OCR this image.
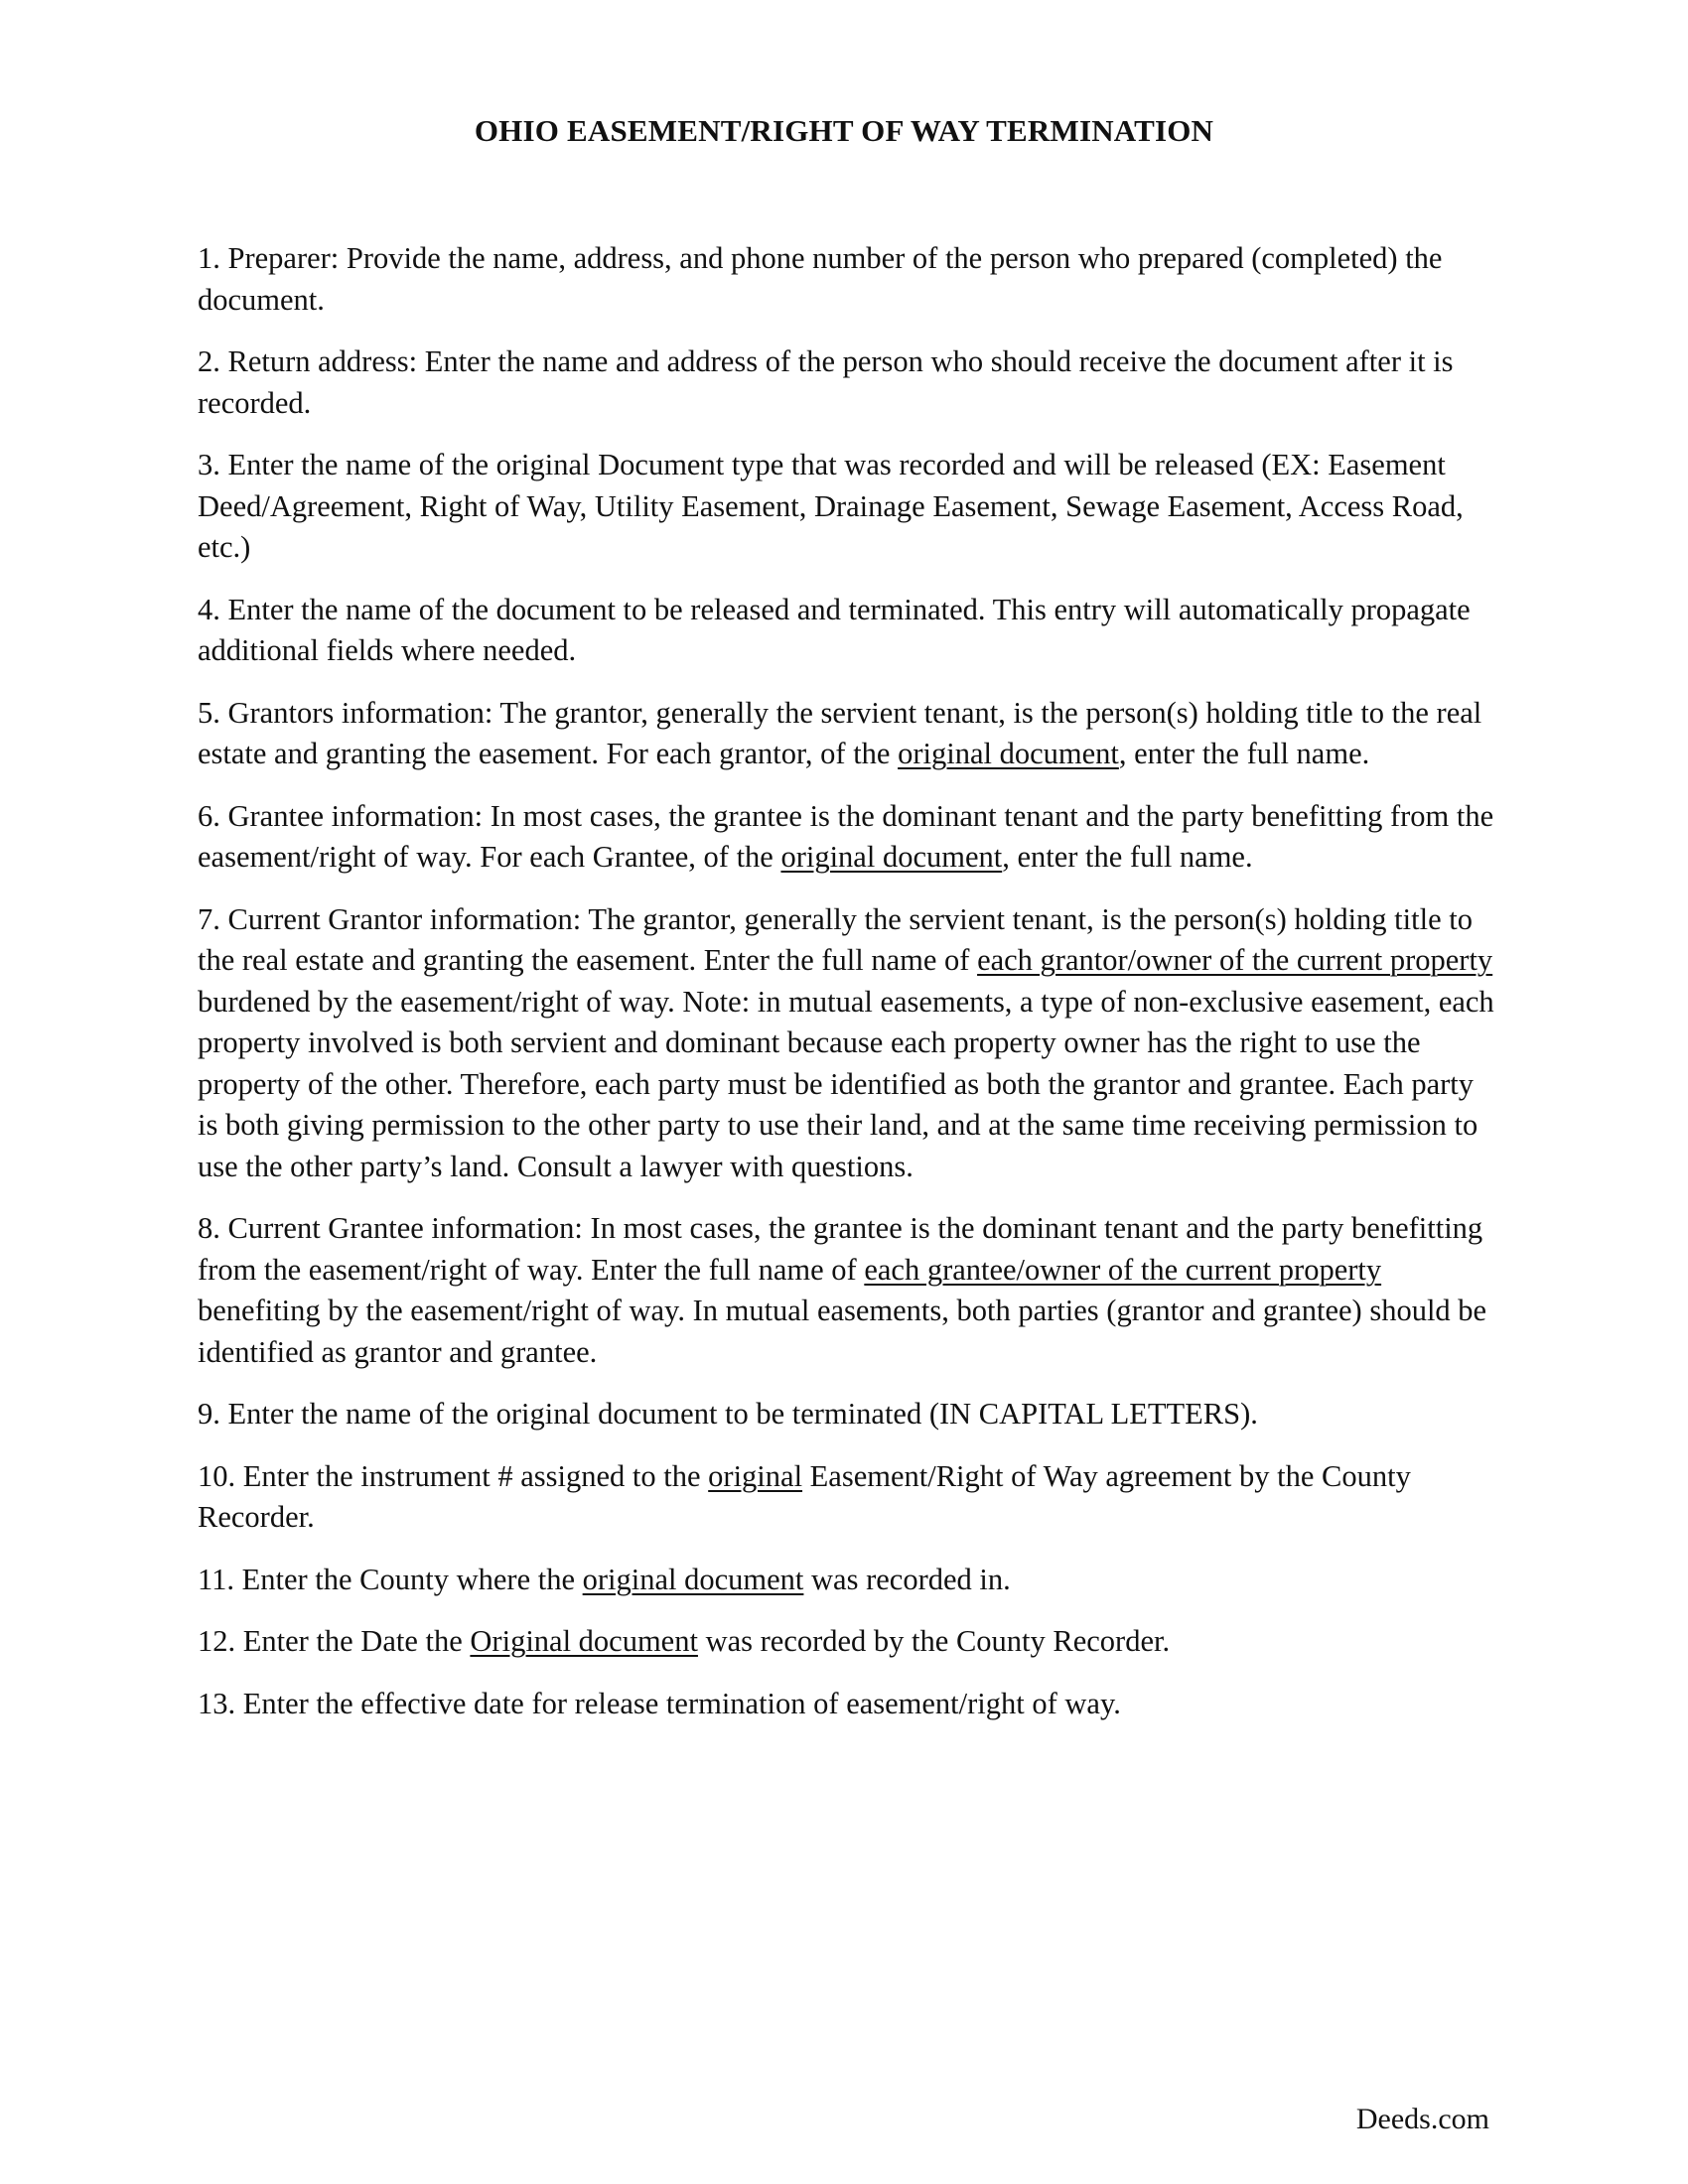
OHIO EASEMENT/RIGHT OF WAY TERMINATION

1. Preparer: Provide the name, address, and phone number of the person who prepared (completed) the document.

2. Return address: Enter the name and address of the person who should receive the document after it is recorded.

3. Enter the name of the original Document type that was recorded and will be released (EX: Easement Deed/Agreement, Right of Way, Utility Easement, Drainage Easement, Sewage Easement, Access Road, etc.)

4. Enter the name of the document to be released and terminated. This entry will automatically propagate additional fields where needed.

5. Grantors information: The grantor, generally the servient tenant, is the person(s) holding title to the real estate and granting the easement. For each grantor, of the original document, enter the full name.

6. Grantee information: In most cases, the grantee is the dominant tenant and the party benefitting from the easement/right of way. For each Grantee, of the original document, enter the full name.

7. Current Grantor information: The grantor, generally the servient tenant, is the person(s) holding title to the real estate and granting the easement. Enter the full name of each grantor/owner of the current property burdened by the easement/right of way. Note: in mutual easements, a type of non-exclusive easement, each property involved is both servient and dominant because each property owner has the right to use the property of the other. Therefore, each party must be identified as both the grantor and grantee. Each party is both giving permission to the other party to use their land, and at the same time receiving permission to use the other party’s land. Consult a lawyer with questions.

8. Current Grantee information: In most cases, the grantee is the dominant tenant and the party benefitting from the easement/right of way. Enter the full name of each grantee/owner of the current property benefiting by the easement/right of way. In mutual easements, both parties (grantor and grantee) should be identified as grantor and grantee.

9. Enter the name of the original document to be terminated (IN CAPITAL LETTERS).

10. Enter the instrument # assigned to the original Easement/Right of Way agreement by the County Recorder.

11. Enter the County where the original document was recorded in.

12. Enter the Date the Original document was recorded by the County Recorder.

13. Enter the effective date for release termination of easement/right of way.

Deeds.com
